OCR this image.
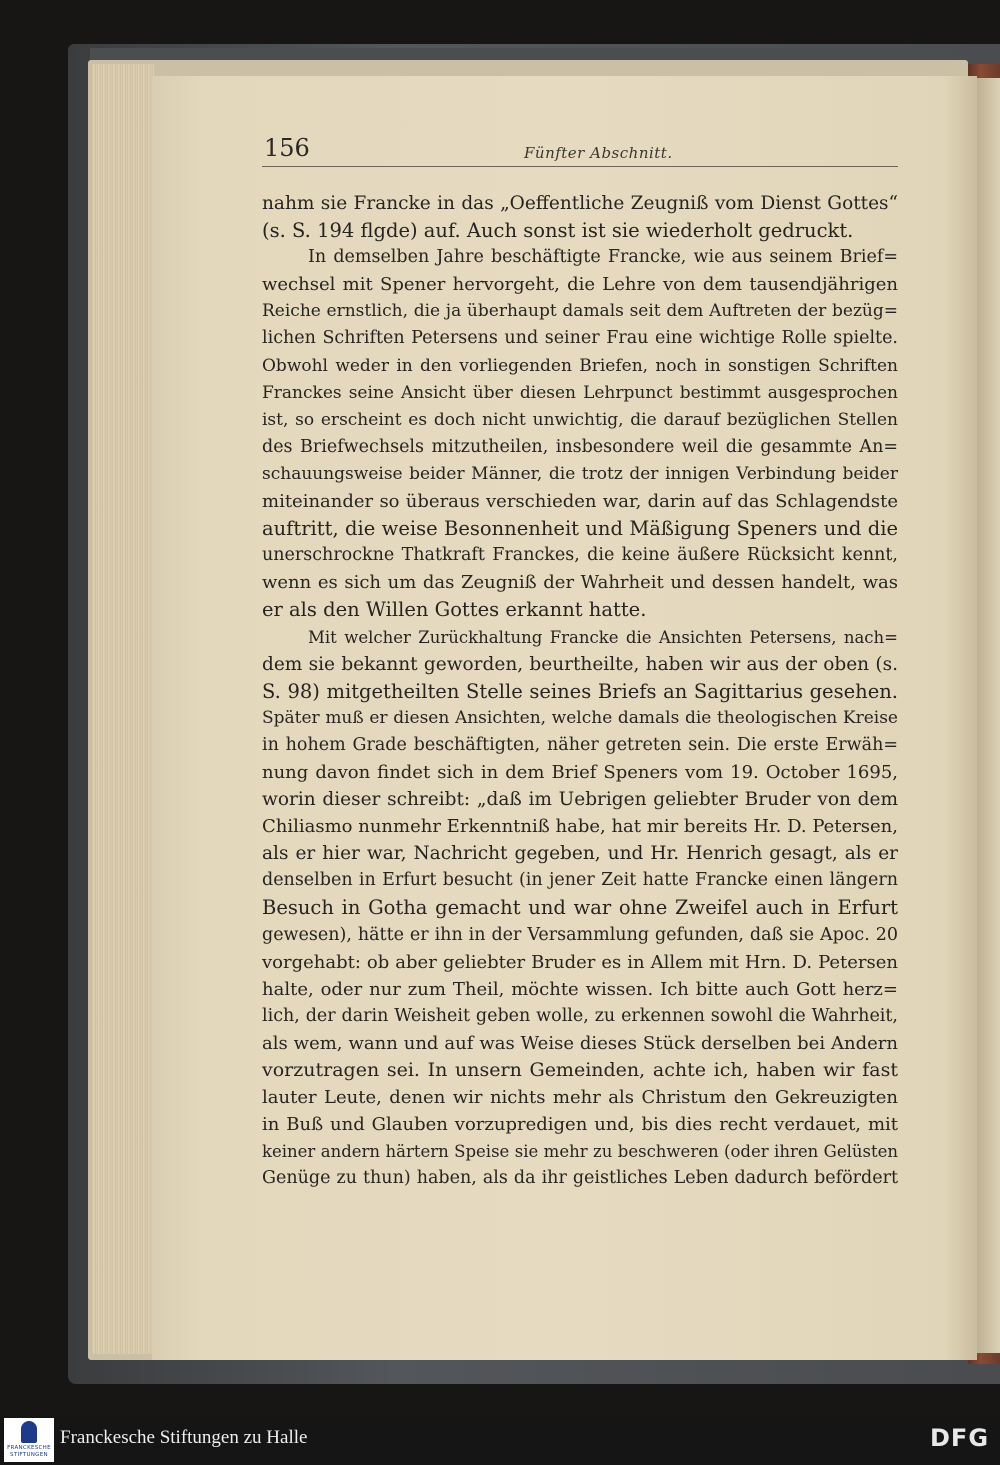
156	Fünfter Abschnitt.
nahm sie Francke in das „Oeffentliche Zeugniß vom Dienst Gottes“
(s. S. 194 flgde) auf. Auch sonst ist sie wiederholt gedruckt.
In demselben Jahre beschäftigte Francke, wie aus seinem Brief=
wechsel mit Spener hervorgeht, die Lehre von dem tausendjährigen
Reiche ernstlich, die ja überhaupt damals seit dem Auftreten der bezüg=
lichen Schriften Petersens und seiner Frau eine wichtige Rolle spielte.
Obwohl weder in den vorliegenden Briefen, noch in sonstigen Schriften
Franckes seine Ansicht über diesen Lehrpunct bestimmt ausgesprochen
ist, so erscheint es doch nicht unwichtig, die darauf bezüglichen Stellen
des Briefwechsels mitzutheilen, insbesondere weil die gesammte An=
schauungsweise beider Männer, die trotz der innigen Verbindung beider
miteinander so überaus verschieden war, darin auf das Schlagendste
auftritt, die weise Besonnenheit und Mäßigung Speners und die
unerschrockne Thatkraft Franckes, die keine äußere Rücksicht kennt,
wenn es sich um das Zeugniß der Wahrheit und dessen handelt, was
er als den Willen Gottes erkannt hatte.
Mit welcher Zurückhaltung Francke die Ansichten Petersens, nach=
dem sie bekannt geworden, beurtheilte, haben wir aus der oben (s.
S. 98) mitgetheilten Stelle seines Briefs an Sagittarius gesehen.
Später muß er diesen Ansichten, welche damals die theologischen Kreise
in hohem Grade beschäftigten, näher getreten sein. Die erste Erwäh=
nung davon findet sich in dem Brief Speners vom 19. October 1695,
worin dieser schreibt: „daß im Uebrigen geliebter Bruder von dem
Chiliasmo nunmehr Erkenntniß habe, hat mir bereits Hr. D. Petersen,
als er hier war, Nachricht gegeben, und Hr. Henrich gesagt, als er
denselben in Erfurt besucht (in jener Zeit hatte Francke einen längern
Besuch in Gotha gemacht und war ohne Zweifel auch in Erfurt
gewesen), hätte er ihn in der Versammlung gefunden, daß sie Apoc. 20
vorgehabt: ob aber geliebter Bruder es in Allem mit Hrn. D. Petersen
halte, oder nur zum Theil, möchte wissen. Ich bitte auch Gott herz=
lich, der darin Weisheit geben wolle, zu erkennen sowohl die Wahrheit,
als wem, wann und auf was Weise dieses Stück derselben bei Andern
vorzutragen sei. In unsern Gemeinden, achte ich, haben wir fast
lauter Leute, denen wir nichts mehr als Christum den Gekreuzigten
in Buß und Glauben vorzupredigen und, bis dies recht verdauet, mit
keiner andern härtern Speise sie mehr zu beschweren (oder ihren Gelüsten
Genüge zu thun) haben, als da ihr geistliches Leben dadurch befördert
FRANCKESCHE STIFTUNGEN
Franckesche Stiftungen zu Halle	DFG
